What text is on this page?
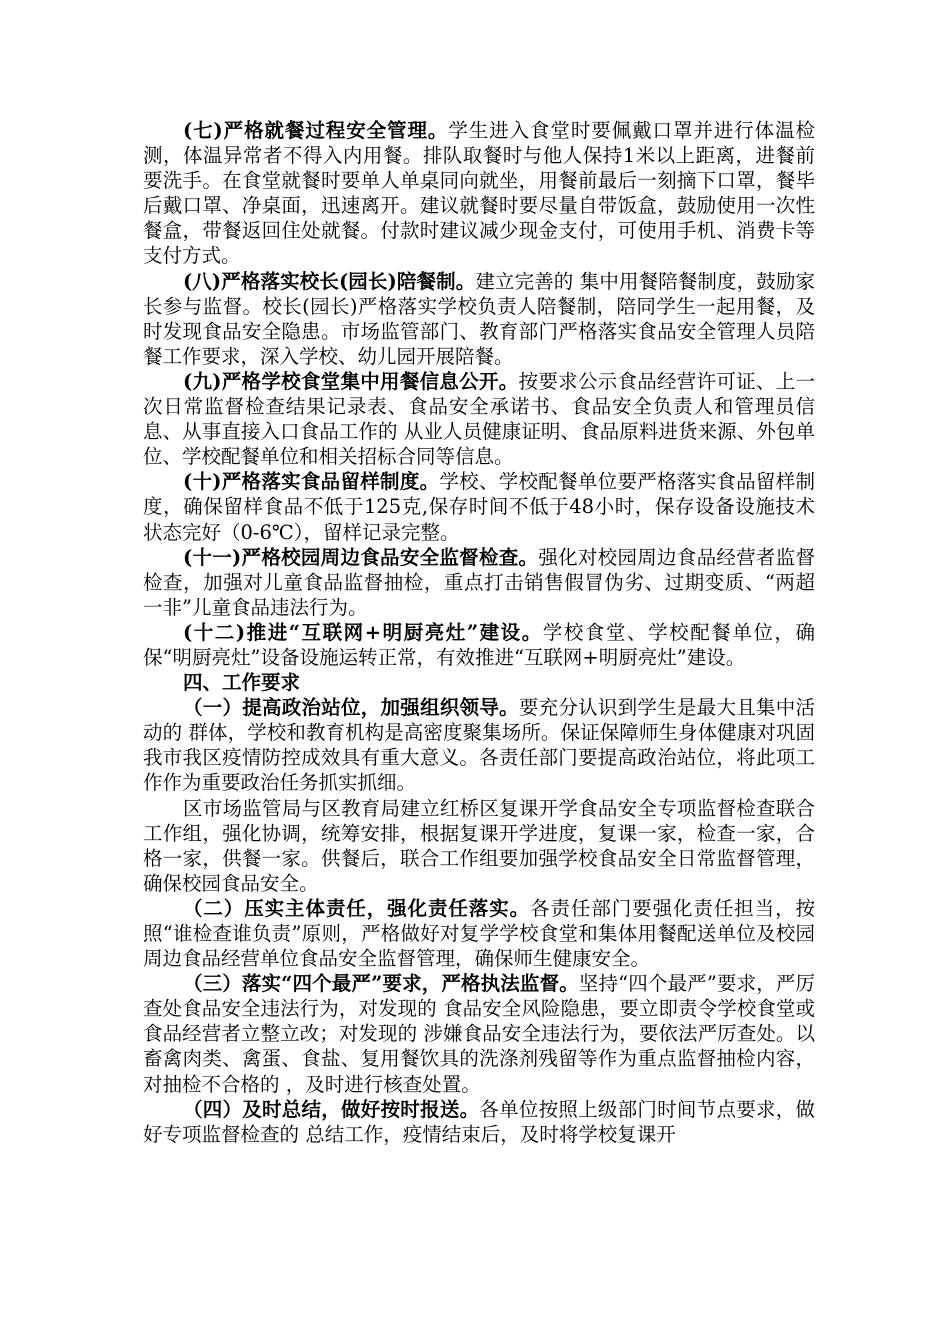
(七)严格就餐过程安全管理。学生进入食堂时要佩戴口罩并进行体温检测，体温异常者不得入内用餐。排队取餐时与他人保持1米以上距离，进餐前要洗手。在食堂就餐时要单人单桌同向就坐，用餐前最后一刻摘下口罩，餐毕后戴口罩、净桌面，迅速离开。建议就餐时要尽量自带饭盒，鼓励使用一次性餐盒，带餐返回住处就餐。付款时建议减少现金支付，可使用手机、消费卡等支付方式。

(八)严格落实校长(园长)陪餐制。建立完善的 集中用餐陪餐制度，鼓励家长参与监督。校长(园长)严格落实学校负责人陪餐制，陪同学生一起用餐，及时发现食品安全隐患。市场监管部门、教育部门严格落实食品安全管理人员陪餐工作要求，深入学校、幼儿园开展陪餐。

(九)严格学校食堂集中用餐信息公开。按要求公示食品经营许可证、上一次日常监督检查结果记录表、食品安全承诺书、食品安全负责人和管理员信息、从事直接入口食品工作的 从业人员健康证明、食品原料进货来源、外包单位、学校配餐单位和相关招标合同等信息。

(十)严格落实食品留样制度。学校、学校配餐单位要严格落实食品留样制度，确保留样食品不低于125克,保存时间不低于48小时，保存设备设施技术状态完好（0-6℃），留样记录完整。

(十一)严格校园周边食品安全监督检查。强化对校园周边食品经营者监督检查，加强对儿童食品监督抽检，重点打击销售假冒伪劣、过期变质、“两超一非”儿童食品违法行为。

(十二)推进“互联网+明厨亮灶”建设。学校食堂、学校配餐单位，确保“明厨亮灶”设备设施运转正常，有效推进“互联网+明厨亮灶”建设。

四、工作要求

（一）提高政治站位，加强组织领导。要充分认识到学生是最大且集中活动的 群体，学校和教育机构是高密度聚集场所。保证保障师生身体健康对巩固我市我区疫情防控成效具有重大意义。各责任部门要提高政治站位，将此项工作作为重要政治任务抓实抓细。

区市场监管局与区教育局建立红桥区复课开学食品安全专项监督检查联合工作组，强化协调，统筹安排，根据复课开学进度，复课一家，检查一家，合格一家，供餐一家。供餐后，联合工作组要加强学校食品安全日常监督管理，确保校园食品安全。

（二）压实主体责任，强化责任落实。各责任部门要强化责任担当，按照“谁检查谁负责”原则，严格做好对复学学校食堂和集体用餐配送单位及校园周边食品经营单位食品安全监督管理，确保师生健康安全。

（三）落实“四个最严”要求，严格执法监督。坚持“四个最严”要求，严厉查处食品安全违法行为，对发现的 食品安全风险隐患，要立即责令学校食堂或食品经营者立整立改；对发现的 涉嫌食品安全违法行为，要依法严厉查处。以畜禽肉类、禽蛋、食盐、复用餐饮具的洗涤剂残留等作为重点监督抽检内容，对抽检不合格的 ，及时进行核查处置。

（四）及时总结，做好按时报送。各单位按照上级部门时间节点要求，做好专项监督检查的 总结工作，疫情结束后，及时将学校复课开
